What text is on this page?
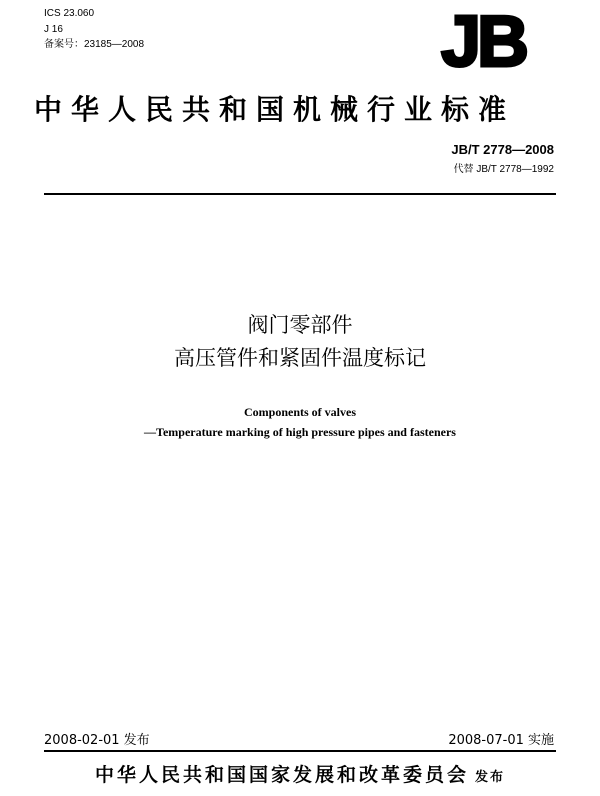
ICS 23.060
J 16
备案号：23185—2008	JB
中华人民共和国机械行业标准
JB/T 2778—2008
代替 JB/T 2778—1992
阀门零部件
高压管件和紧固件温度标记
Components of valves
—Temperature marking of high pressure pipes and fasteners
2008-02-01 发布	2008-07-01 实施
中华人民共和国国家发展和改革委员会 发布
